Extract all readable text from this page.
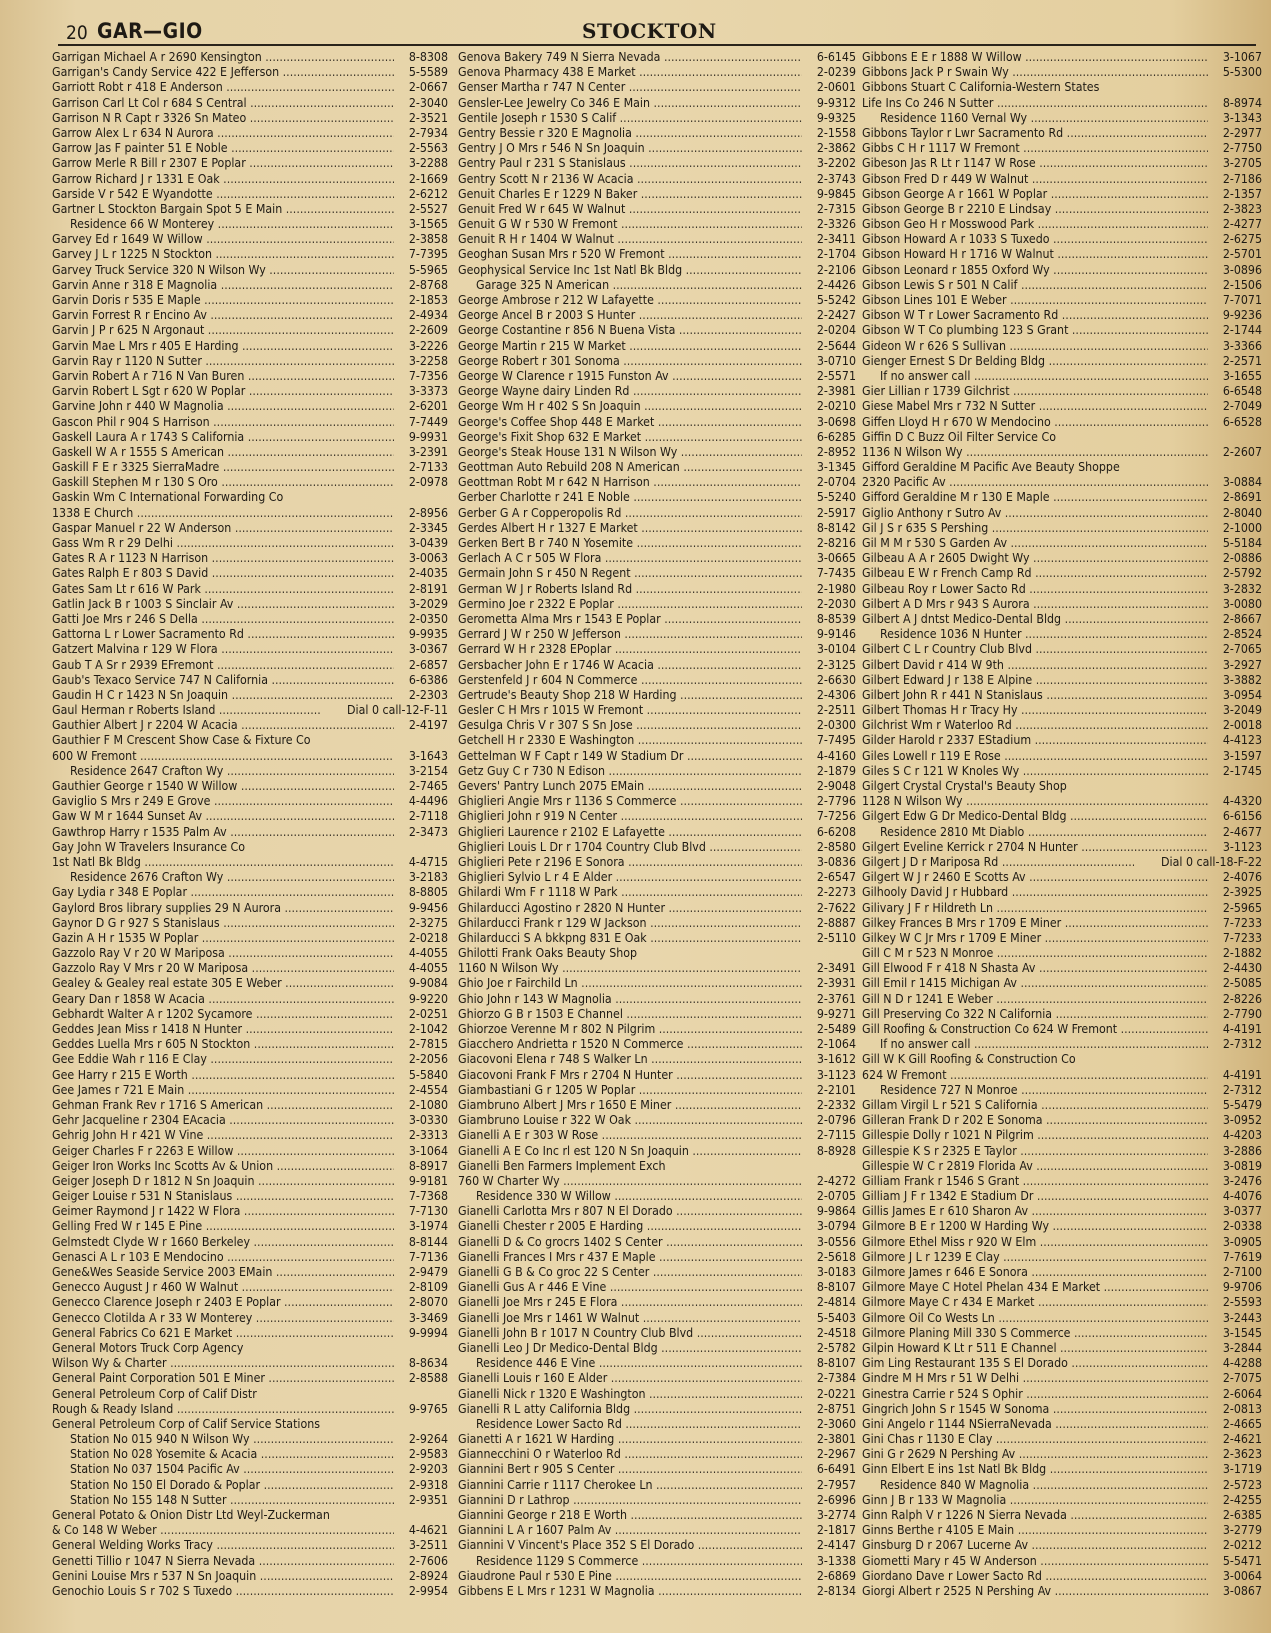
20 GAR—GIO	STOCKTON
Garrigan Michael A r 2690 Kensington .....	8-8308
Garrigan's Candy Service 422 E Jefferson .....	5-5589
Garriott Robt r 418 E Anderson .....	2-0667
Garrison Carl Lt Col r 684 S Central .....	2-3040
Garrison N R Capt r 3326 Sn Mateo .....	2-3521
Garrow Alex L r 634 N Aurora .....	2-7934
Garrow Jas F painter 51 E Noble .....	2-5563
Garrow Merle R Bill r 2307 E Poplar .....	3-2288
Garrow Richard J r 1331 E Oak .....	2-1669
Garside V r 542 E Wyandotte .....	2-6212
Gartner L Stockton Bargain Spot 5 E Main .....	2-5527
Residence 66 W Monterey .....	3-1565
Garvey Ed r 1649 W Willow .....	2-3858
Garvey J L r 1225 N Stockton .....	7-7395
Garvey Truck Service 320 N Wilson Wy .....	5-5965
Garvin Anne r 318 E Magnolia .....	2-8768
Garvin Doris r 535 E Maple .....	2-1853
Garvin Forrest R r Encino Av .....	2-4934
Garvin J P r 625 N Argonaut .....	2-2609
Garvin Mae L Mrs r 405 E Harding .....	3-2226
Garvin Ray r 1120 N Sutter .....	3-2258
Garvin Robert A r 716 N Van Buren .....	7-7356
Garvin Robert L Sgt r 620 W Poplar .....	3-3373
Garvine John r 440 W Magnolia .....	2-6201
Gascon Phil r 904 S Harrison .....	7-7449
Gaskell Laura A r 1743 S California .....	9-9931
Gaskell W A r 1555 S American .....	3-2391
Gaskill F E r 3325 SierraMadre .....	2-7133
Gaskill Stephen M r 130 S Oro .....	2-0978
Gaskin Wm C International Forwarding Co
1338 E Church .....	2-8956
Gaspar Manuel r 22 W Anderson .....	2-3345
Gass Wm R r 29 Delhi .....	3-0439
Gates R A r 1123 N Harrison .....	3-0063
Gates Ralph E r 803 S David .....	2-4035
Gates Sam Lt r 616 W Park .....	2-8191
Gatlin Jack B r 1003 S Sinclair Av .....	3-2029
Gatti Joe Mrs r 246 S Della .....	2-0350
Gattorna L r Lower Sacramento Rd .....	9-9935
Gatzert Malvina r 129 W Flora .....	3-0367
Gaub T A Sr r 2939 EFremont .....	2-6857
Gaub's Texaco Service 747 N California .....	6-6386
Gaudin H C r 1423 N Sn Joaquin .....	2-2303
Gaul Herman r Roberts Island .....	Dial 0 call-12-F-11
Gauthier Albert J r 2204 W Acacia .....	2-4197
Gauthier F M Crescent Show Case & Fixture Co
600 W Fremont .....	3-1643
Residence 2647 Crafton Wy .....	3-2154
Gauthier George r 1540 W Willow .....	2-7465
Gaviglio S Mrs r 249 E Grove .....	4-4496
Gaw W M r 1644 Sunset Av .....	2-7118
Gawthrop Harry r 1535 Palm Av .....	2-3473
Gay John W Travelers Insurance Co
1st Natl Bk Bldg .....	4-4715
Residence 2676 Crafton Wy .....	3-2183
Gay Lydia r 348 E Poplar .....	8-8805
Gaylord Bros library supplies 29 N Aurora .....	9-9456
Gaynor D G r 927 S Stanislaus .....	2-3275
Gazin A H r 1535 W Poplar .....	2-0218
Gazzolo Ray V r 20 W Mariposa .....	4-4055
Gazzolo Ray V Mrs r 20 W Mariposa .....	4-4055
Gealey & Gealey real estate 305 E Weber .....	9-9084
Geary Dan r 1858 W Acacia .....	9-9220
Gebhardt Walter A r 1202 Sycamore .....	2-0251
Geddes Jean Miss r 1418 N Hunter .....	2-1042
Geddes Luella Mrs r 605 N Stockton .....	2-7815
Gee Eddie Wah r 116 E Clay .....	2-2056
Gee Harry r 215 E Worth .....	5-5840
Gee James r 721 E Main .....	2-4554
Gehman Frank Rev r 1716 S American .....	2-1080
Gehr Jacqueline r 2304 EAcacia .....	3-0330
Gehrig John H r 421 W Vine .....	2-3313
Geiger Charles F r 2263 E Willow .....	3-1064
Geiger Iron Works Inc Scotts Av & Union .....	8-8917
Geiger Joseph D r 1812 N Sn Joaquin .....	9-9181
Geiger Louise r 531 N Stanislaus .....	7-7368
Geimer Raymond J r 1422 W Flora .....	7-7130
Gelling Fred W r 145 E Pine .....	3-1974
Gelmstedt Clyde W r 1660 Berkeley .....	8-8144
Genasci A L r 103 E Mendocino .....	7-7136
Gene&Wes Seaside Service 2003 EMain .....	2-9479
Genecco August J r 460 W Walnut .....	2-8109
Genecco Clarence Joseph r 2403 E Poplar .....	2-8070
Genecco Clotilda A r 33 W Monterey .....	3-3469
General Fabrics Co 621 E Market .....	9-9994
General Motors Truck Corp Agency
Wilson Wy & Charter .....	8-8634
General Paint Corporation 501 E Miner .....	2-8588
General Petroleum Corp of Calif Distr
Rough & Ready Island .....	9-9765
General Petroleum Corp of Calif Service Stations
Station No 015 940 N Wilson Wy .....	2-9264
Station No 028 Yosemite & Acacia .....	2-9583
Station No 037 1504 Pacific Av .....	2-9203
Station No 150 El Dorado & Poplar .....	2-9318
Station No 155 148 N Sutter .....	2-9351
General Potato & Onion Distr Ltd Weyl-Zuckerman
& Co 148 W Weber .....	4-4621
General Welding Works Tracy .....	3-2511
Genetti Tillio r 1047 N Sierra Nevada .....	2-7606
Genini Louise Mrs r 537 N Sn Joaquin .....	2-8924
Genochio Louis S r 702 S Tuxedo .....	2-9954
Genova Bakery 749 N Sierra Nevada .....	6-6145
Genova Pharmacy 438 E Market .....	2-0239
Genser Martha r 747 N Center .....	2-0601
Gensler-Lee Jewelry Co 346 E Main .....	9-9312
Gentile Joseph r 1530 S Calif .....	9-9325
Gentry Bessie r 320 E Magnolia .....	2-1558
Gentry J O Mrs r 546 N Sn Joaquin .....	2-3862
Gentry Paul r 231 S Stanislaus .....	3-2202
Gentry Scott N r 2136 W Acacia .....	2-3743
Genuit Charles E r 1229 N Baker .....	9-9845
Genuit Fred W r 645 W Walnut .....	2-7315
Genuit G W r 530 W Fremont .....	2-3326
Genuit R H r 1404 W Walnut .....	2-3411
Geoghan Susan Mrs r 520 W Fremont .....	2-1704
Geophysical Service Inc 1st Natl Bk Bldg .....	2-2106
Garage 325 N American .....	2-4426
George Ambrose r 212 W Lafayette .....	5-5242
George Ancel B r 2003 S Hunter .....	2-2427
George Costantine r 856 N Buena Vista .....	2-0204
George Martin r 215 W Market .....	2-5644
George Robert r 301 Sonoma .....	3-0710
George W Clarence r 1915 Funston Av .....	2-5571
George Wayne dairy Linden Rd .....	2-3981
George Wm H r 402 S Sn Joaquin .....	2-0210
George's Coffee Shop 448 E Market .....	3-0698
George's Fixit Shop 632 E Market .....	6-6285
George's Steak House 131 N Wilson Wy .....	2-8952
Geottman Auto Rebuild 208 N American .....	3-1345
Geottman Robt M r 642 N Harrison .....	2-0704
Gerber Charlotte r 241 E Noble .....	5-5240
Gerber G A r Copperopolis Rd .....	2-5917
Gerdes Albert H r 1327 E Market .....	8-8142
Gerken Bert B r 740 N Yosemite .....	2-8216
Gerlach A C r 505 W Flora .....	3-0665
Germain John S r 450 N Regent .....	7-7435
German W J r Roberts Island Rd .....	2-1980
Germino Joe r 2322 E Poplar .....	2-2030
Gerometta Alma Mrs r 1543 E Poplar .....	8-8539
Gerrard J W r 250 W Jefferson .....	9-9146
Gerrard W H r 2328 EPoplar .....	3-0104
Gersbacher John E r 1746 W Acacia .....	2-3125
Gerstenfeld J r 604 N Commerce .....	2-6630
Gertrude's Beauty Shop 218 W Harding .....	2-4306
Gesler C H Mrs r 1015 W Fremont .....	2-2511
Gesulga Chris V r 307 S Sn Jose .....	2-0300
Getchell H r 2330 E Washington .....	7-7495
Gettelman W F Capt r 149 W Stadium Dr .....	4-4160
Getz Guy C r 730 N Edison .....	2-1879
Gevers' Pantry Lunch 2075 EMain .....	2-9048
Ghiglieri Angie Mrs r 1136 S Commerce .....	2-7796
Ghiglieri John r 919 N Center .....	7-7256
Ghiglieri Laurence r 2102 E Lafayette .....	6-6208
Ghiglieri Louis L Dr r 1704 Country Club Blvd .....	2-8580
Ghiglieri Pete r 2196 E Sonora .....	3-0836
Ghiglieri Sylvio L r 4 E Alder .....	2-6547
Ghilardi Wm F r 1118 W Park .....	2-2273
Ghilarducci Agostino r 2820 N Hunter .....	2-7622
Ghilarducci Frank r 129 W Jackson .....	2-8887
Ghilarducci S A bkkpng 831 E Oak .....	2-5110
Ghilotti Frank Oaks Beauty Shop
1160 N Wilson Wy .....	2-3491
Ghio Joe r Fairchild Ln .....	2-3931
Ghio John r 143 W Magnolia .....	2-3761
Ghiorzo G B r 1503 E Channel .....	9-9271
Ghiorzoe Verenne M r 802 N Pilgrim .....	2-5489
Giacchero Andrietta r 1520 N Commerce .....	2-1064
Giacovoni Elena r 748 S Walker Ln .....	3-1612
Giacovoni Frank F Mrs r 2704 N Hunter .....	3-1123
Giambastiani G r 1205 W Poplar .....	2-2101
Giambruno Albert J Mrs r 1650 E Miner .....	2-2332
Giambruno Louise r 322 W Oak .....	2-0796
Gianelli A E r 303 W Rose .....	2-7115
Gianelli A E Co Inc rl est 120 N Sn Joaquin .....	8-8928
Gianelli Ben Farmers Implement Exch
760 W Charter Wy .....	2-4272
Residence 330 W Willow .....	2-0705
Gianelli Carlotta Mrs r 807 N El Dorado .....	9-9864
Gianelli Chester r 2005 E Harding .....	3-0794
Gianelli D & Co grocrs 1402 S Center .....	3-0556
Gianelli Frances I Mrs r 437 E Maple .....	2-5618
Gianelli G B & Co groc 22 S Center .....	3-0183
Gianelli Gus A r 446 E Vine .....	8-8107
Gianelli Joe Mrs r 245 E Flora .....	2-4814
Gianelli Joe Mrs r 1461 W Walnut .....	5-5403
Gianelli John B r 1017 N Country Club Blvd .....	2-4518
Gianelli Leo J Dr Medico-Dental Bldg .....	2-5782
Residence 446 E Vine .....	8-8107
Gianelli Louis r 160 E Alder .....	2-7384
Gianelli Nick r 1320 E Washington .....	2-0221
Gianelli R L atty California Bldg .....	2-8751
Residence Lower Sacto Rd .....	2-3060
Gianetti A r 1621 W Harding .....	2-3801
Giannecchini O r Waterloo Rd .....	2-2967
Giannini Bert r 905 S Center .....	6-6491
Giannini Carrie r 1117 Cherokee Ln .....	2-7957
Giannini D r Lathrop .....	2-6996
Giannini George r 218 E Worth .....	3-2774
Giannini L A r 1607 Palm Av .....	2-1817
Giannini V Vincent's Place 352 S El Dorado .....	2-4147
Residence 1129 S Commerce .....	3-1338
Giaudrone Paul r 530 E Pine .....	2-6869
Gibbens E L Mrs r 1231 W Magnolia .....	2-8134
Gibbons E E r 1888 W Willow .....	3-1067
Gibbons Jack P r Swain Wy .....	5-5300
Gibbons Stuart C California-Western States
Life Ins Co 246 N Sutter .....	8-8974
Residence 1160 Vernal Wy .....	3-1343
Gibbons Taylor r Lwr Sacramento Rd .....	2-2977
Gibbs C H r 1117 W Fremont .....	2-7750
Gibeson Jas R Lt r 1147 W Rose .....	3-2705
Gibson Fred D r 449 W Walnut .....	2-7186
Gibson George A r 1661 W Poplar .....	2-1357
Gibson George B r 2210 E Lindsay .....	2-3823
Gibson Geo H r Mosswood Park .....	2-4277
Gibson Howard A r 1033 S Tuxedo .....	2-6275
Gibson Howard H r 1716 W Walnut .....	2-5701
Gibson Leonard r 1855 Oxford Wy .....	3-0896
Gibson Lewis S r 501 N Calif .....	2-1506
Gibson Lines 101 E Weber .....	7-7071
Gibson W T r Lower Sacramento Rd .....	9-9236
Gibson W T Co plumbing 123 S Grant .....	2-1744
Gideon W r 626 S Sullivan .....	3-3366
Gienger Ernest S Dr Belding Bldg .....	2-2571
If no answer call .....	3-1655
Gier Lillian r 1739 Gilchrist .....	6-6548
Giese Mabel Mrs r 732 N Sutter .....	2-7049
Giffen Lloyd H r 670 W Mendocino .....	6-6528
Giffin D C Buzz Oil Filter Service Co
1136 N Wilson Wy .....	2-2607
Gifford Geraldine M Pacific Ave Beauty Shoppe
2320 Pacific Av .....	3-0884
Gifford Geraldine M r 130 E Maple .....	2-8691
Giglio Anthony r Sutro Av .....	2-8040
Gil J S r 635 S Pershing .....	2-1000
Gil M M r 530 S Garden Av .....	5-5184
Gilbeau A A r 2605 Dwight Wy .....	2-0886
Gilbeau E W r French Camp Rd .....	2-5792
Gilbeau Roy r Lower Sacto Rd .....	3-2832
Gilbert A D Mrs r 943 S Aurora .....	3-0080
Gilbert A J dntst Medico-Dental Bldg .....	2-8667
Residence 1036 N Hunter .....	2-8524
Gilbert C L r Country Club Blvd .....	2-7065
Gilbert David r 414 W 9th .....	3-2927
Gilbert Edward J r 138 E Alpine .....	3-3882
Gilbert John R r 441 N Stanislaus .....	3-0954
Gilbert Thomas H r Tracy Hy .....	3-2049
Gilchrist Wm r Waterloo Rd .....	2-0018
Gilder Harold r 2337 EStadium .....	4-4123
Giles Lowell r 119 E Rose .....	3-1597
Giles S C r 121 W Knoles Wy .....	2-1745
Gilgert Crystal Crystal's Beauty Shop
1128 N Wilson Wy .....	4-4320
Gilgert Edw G Dr Medico-Dental Bldg .....	6-6156
Residence 2810 Mt Diablo .....	2-4677
Gilgert Eveline Kerrick r 2704 N Hunter .....	3-1123
Gilgert J D r Mariposa Rd .....	Dial 0 call-18-F-22
Gilgert W J r 2460 E Scotts Av .....	2-4076
Gilhooly David J r Hubbard .....	2-3925
Gilivary J F r Hildreth Ln .....	2-5965
Gilkey Frances B Mrs r 1709 E Miner .....	7-7233
Gilkey W C Jr Mrs r 1709 E Miner .....	7-7233
Gill C M r 523 N Monroe .....	2-1882
Gill Elwood F r 418 N Shasta Av .....	2-4430
Gill Emil r 1415 Michigan Av .....	2-5085
Gill N D r 1241 E Weber .....	2-8226
Gill Preserving Co 322 N California .....	2-7790
Gill Roofing & Construction Co 624 W Fremont .....	4-4191
If no answer call .....	2-7312
Gill W K Gill Roofing & Construction Co
624 W Fremont .....	4-4191
Residence 727 N Monroe .....	2-7312
Gillam Virgil L r 521 S California .....	5-5479
Gilleran Frank D r 202 E Sonoma .....	3-0952
Gillespie Dolly r 1021 N Pilgrim .....	4-4203
Gillespie K S r 2325 E Taylor .....	3-2886
Gillespie W C r 2819 Florida Av .....	3-0819
Gilliam Frank r 1546 S Grant .....	3-2476
Gilliam J F r 1342 E Stadium Dr .....	4-4076
Gillis James E r 610 Sharon Av .....	3-0377
Gilmore B E r 1200 W Harding Wy .....	2-0338
Gilmore Ethel Miss r 920 W Elm .....	3-0905
Gilmore J L r 1239 E Clay .....	7-7619
Gilmore James r 646 E Sonora .....	2-7100
Gilmore Maye C Hotel Phelan 434 E Market .....	9-9706
Gilmore Maye C r 434 E Market .....	2-5593
Gilmore Oil Co Wests Ln .....	3-2443
Gilmore Planing Mill 330 S Commerce .....	3-1545
Gilpin Howard K Lt r 511 E Channel .....	3-2844
Gim Ling Restaurant 135 S El Dorado .....	4-4288
Gindre M H Mrs r 51 W Delhi .....	2-7075
Ginestra Carrie r 524 S Ophir .....	2-6064
Gingrich John S r 1545 W Sonoma .....	2-0813
Gini Angelo r 1144 NSierraNevada .....	2-4665
Gini Chas r 1130 E Clay .....	2-4621
Gini G r 2629 N Pershing Av .....	2-3623
Ginn Elbert E ins 1st Natl Bk Bldg .....	3-1719
Residence 840 W Magnolia .....	2-5723
Ginn J B r 133 W Magnolia .....	2-4255
Ginn Ralph V r 1226 N Sierra Nevada .....	2-6385
Ginns Berthe r 4105 E Main .....	3-2779
Ginsburg D r 2067 Lucerne Av .....	2-0212
Giometti Mary r 45 W Anderson .....	5-5471
Giordano Dave r Lower Sacto Rd .....	3-0064
Giorgi Albert r 2525 N Pershing Av .....	3-0867
